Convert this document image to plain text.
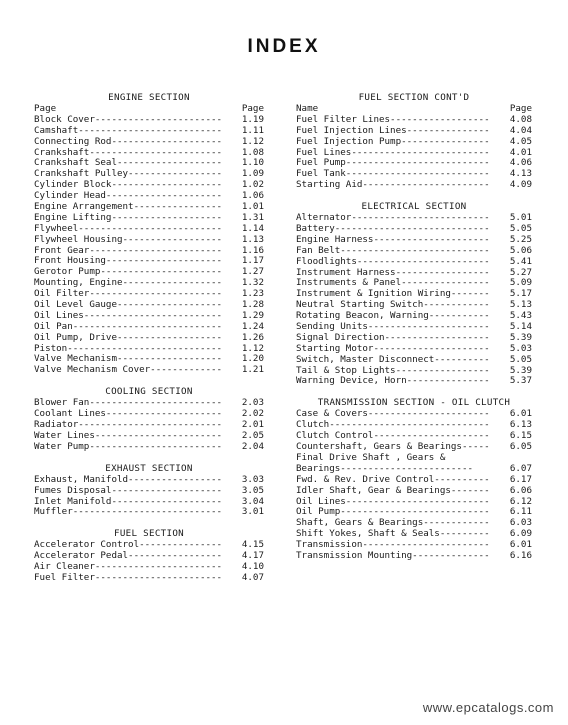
INDEX
ENGINE SECTION
Page	Page
Block Cover-----------------------	1.19
Camshaft--------------------------	1.11
Connecting Rod--------------------	1.12
Crankshaft------------------------	1.08
Crankshaft Seal-------------------	1.10
Crankshaft Pulley-----------------	1.09
Cylinder Block--------------------	1.02
Cylinder Head---------------------	1.06
Engine Arrangement----------------	1.01
Engine Lifting--------------------	1.31
Flywheel--------------------------	1.14
Flywheel Housing------------------	1.13
Front Gear------------------------	1.16
Front Housing---------------------	1.17
Gerotor Pump----------------------	1.27
Mounting, Engine------------------	1.32
Oil Filter------------------------	1.23
Oil Level Gauge-------------------	1.28
Oil Lines-------------------------	1.29
Oil Pan---------------------------	1.24
Oil Pump, Drive-------------------	1.26
Piston----------------------------	1.12
Valve Mechanism-------------------	1.20
Valve Mechanism Cover-------------	1.21
COOLING SECTION
Blower Fan------------------------	2.03
Coolant Lines---------------------	2.02
Radiator--------------------------	2.01
Water Lines-----------------------	2.05
Water Pump------------------------	2.04
EXHAUST SECTION
Exhaust, Manifold-----------------	3.03
Fumes Disposal--------------------	3.05
Inlet Manifold--------------------	3.04
Muffler---------------------------	3.01
FUEL SECTION
Accelerator Control---------------	4.15
Accelerator Pedal-----------------	4.17
Air Cleaner-----------------------	4.10
Fuel Filter-----------------------	4.07
FUEL SECTION CONT'D
Name	Page
Fuel Filter Lines------------------	4.08
Fuel Injection Lines---------------	4.04
Fuel Injection Pump----------------	4.05
Fuel Lines-------------------------	4.01
Fuel Pump--------------------------	4.06
Fuel Tank--------------------------	4.13
Starting Aid-----------------------	4.09
ELECTRICAL SECTION
Alternator-------------------------	5.01
Battery----------------------------	5.05
Engine Harness---------------------	5.25
Fan Belt---------------------------	5.06
Floodlights------------------------	5.41
Instrument Harness-----------------	5.27
Instruments & Panel----------------	5.09
Instrument & Ignition Wiring-------	5.17
Neutral Starting Switch------------	5.13
Rotating Beacon, Warning-----------	5.43
Sending Units----------------------	5.14
Signal Direction-------------------	5.39
Starting Motor---------------------	5.03
Switch, Master Disconnect----------	5.05
Tail & Stop Lights-----------------	5.39
Warning Device, Horn---------------	5.37
TRANSMISSION SECTION - OIL CLUTCH
Case & Covers----------------------	6.01
Clutch-----------------------------	6.13
Clutch Control---------------------	6.15
Countershaft, Gears & Bearings-----	6.05
Final Drive Shaft , Gears &
Bearings------------------------	6.07
Fwd. & Rev. Drive Control----------	6.17
Idler Shaft, Gear & Bearings-------	6.06
Oil Lines--------------------------	6.12
Oil Pump---------------------------	6.11
Shaft, Gears & Bearings------------	6.03
Shift Yokes, Shaft & Seals---------	6.09
Transmission-----------------------	6.01
Transmission Mounting--------------	6.16
www.epcatalogs.com
